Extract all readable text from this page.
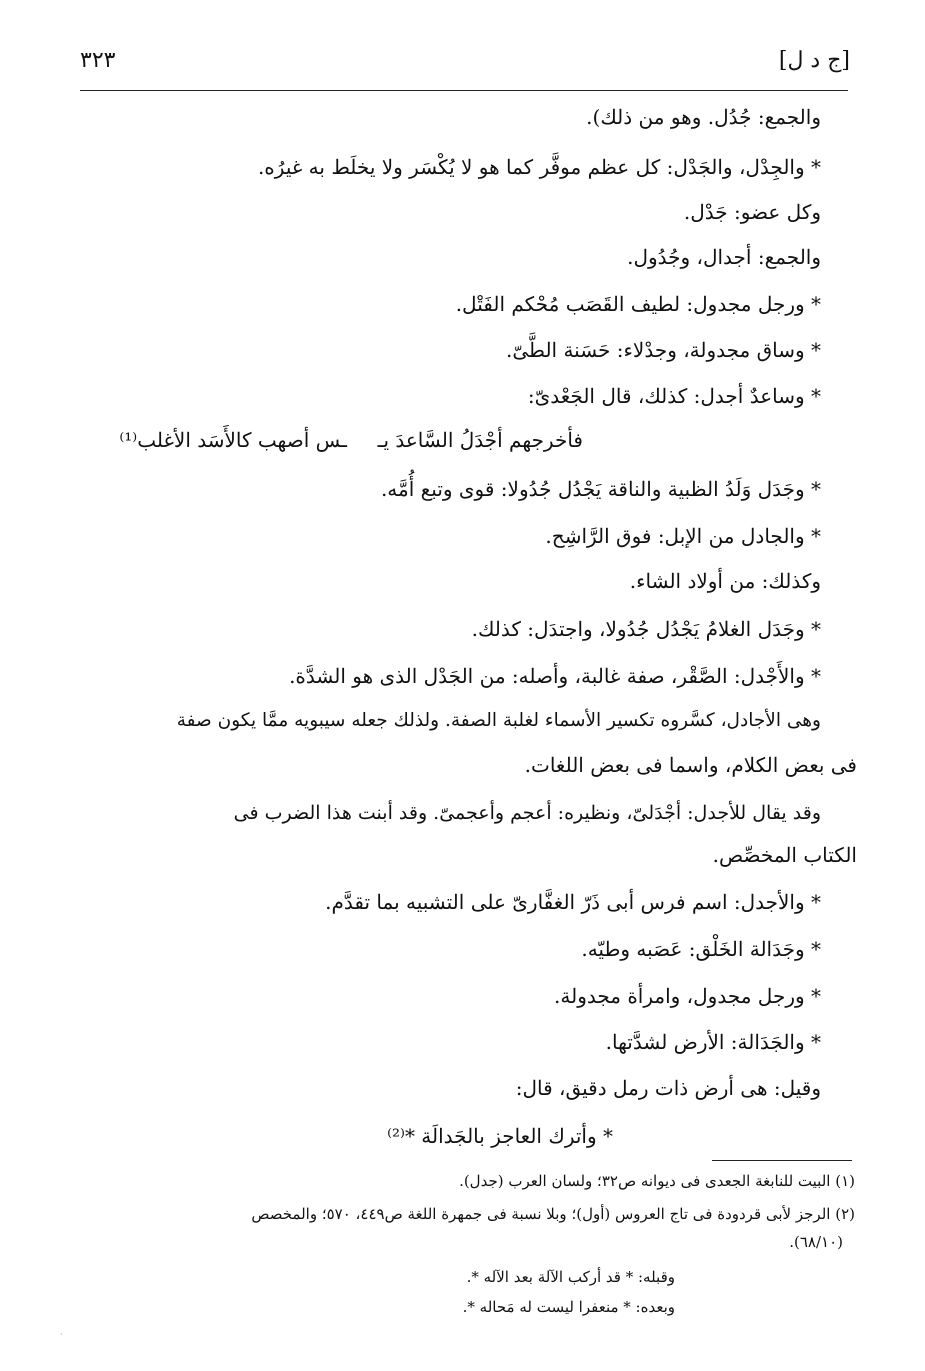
٣٢٣	[ج د ل]
والجمع: جُدُل. وهو من ذلك).
* والجِدْل، والجَدْل: كل عظم موفَّر كما هو لا يُكْسَر ولا يخلَط به غيرُه.
وكل عضو: جَدْل.
والجمع: أجدال، وجُدُول.
* ورجل مجدول: لطيف القَصَب مُحْكم الفَتْل.
* وساق مجدولة، وجدْلاء: حَسَنة الطَّىّ.
* وساعدٌ أجدل: كذلك، قال الجَعْدىّ:
فأخرجهم أجْدَلُ السَّاعدَ يـ
ـس أصهب كالأَسَد الأغلب⁽¹⁾
* وجَدَل وَلَدُ الظبية والناقة يَجْدُل جُدُولا: قوى وتبع أُمَّه.
* والجادل من الإبل: فوق الرَّاشِح.
وكذلك: من أولاد الشاء.
* وجَدَل الغلامُ يَجْدُل جُدُولا، واجتدَل: كذلك.
* والأَجْدل: الصَّقْر، صفة غالبة، وأصله: من الجَدْل الذى هو الشدَّة.
وهى الأجادل، كسَّروه تكسير الأسماء لغلبة الصفة. ولذلك جعله سيبويه ممَّا يكون صفة
فى بعض الكلام، واسما فى بعض اللغات.
وقد يقال للأجدل: أجْدَلىّ، ونظيره: أعجم وأعجمىّ. وقد أبنت هذا الضرب فى
الكتاب المخصِّص.
* والأجدل: اسم فرس أبى ذَرّ الغفَّارىّ على التشبيه بما تقدَّم.
* وجَدَالة الخَلْق: عَصَبه وطيّه.
* ورجل مجدول، وامرأة مجدولة.
* والجَدَالة: الأرض لشدَّتها.
وقيل: هى أرض ذات رمل دقيق، قال:
* وأترك العاجز بالجَدالَة *⁽²⁾
(١) البيت للنابغة الجعدى فى ديوانه ص٣٢؛ ولسان العرب (جدل).
(٢) الرجز لأبى قردودة فى تاج العروس (أول)؛ وبلا نسبة فى جمهرة اللغة ص٤٤٩، ٥٧٠؛ والمخصص
(٦٨/١٠).
وقبله: * قد أركب الآلة بعد الآله *.
وبعده: * منعفرا ليست له مَحاله *.
·
